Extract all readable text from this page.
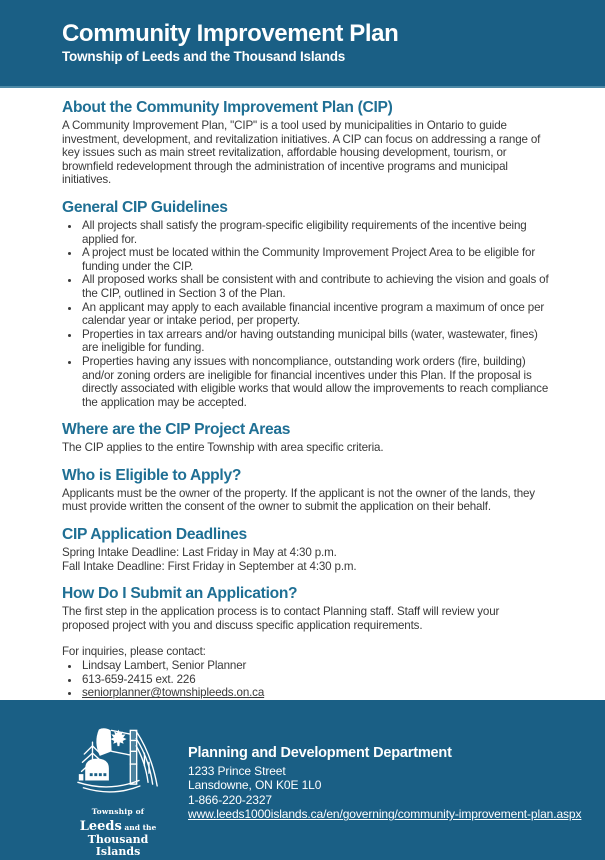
Community Improvement Plan
Township of Leeds and the Thousand Islands
About the Community Improvement Plan (CIP)

A Community Improvement Plan, "CIP" is a tool used by municipalities in Ontario to guide investment, development, and revitalization initiatives. A CIP can focus on addressing a range of key issues such as main street revitalization, affordable housing development, tourism, or brownfield redevelopment through the administration of incentive programs and municipal initiatives.

General CIP Guidelines
• All projects shall satisfy the program-specific eligibility requirements of the incentive being applied for.
• A project must be located within the Community Improvement Project Area to be eligible for funding under the CIP.
• All proposed works shall be consistent with and contribute to achieving the vision and goals of the CIP, outlined in Section 3 of the Plan.
• An applicant may apply to each available financial incentive program a maximum of once per calendar year or intake period, per property.
• Properties in tax arrears and/or having outstanding municipal bills (water, wastewater, fines) are ineligible for funding.
• Properties having any issues with noncompliance, outstanding work orders (fire, building) and/or zoning orders are ineligible for financial incentives under this Plan. If the proposal is directly associated with eligible works that would allow the improvements to reach compliance the application may be accepted.
Where are the CIP Project Areas

The CIP applies to the entire Township with area specific criteria.

Who is Eligible to Apply?

Applicants must be the owner of the property. If the applicant is not the owner of the lands, they must provide written the consent of the owner to submit the application on their behalf.

CIP Application Deadlines

Spring Intake Deadline: Last Friday in May at 4:30 p.m.

Fall Intake Deadline: First Friday in September at 4:30 p.m.

How Do I Submit an Application?

The first step in the application process is to contact Planning staff. Staff will review your proposed project with you and discuss specific application requirements.

For inquiries, please contact:

• Lindsay Lambert, Senior Planner
• 613-659-2415 ext. 226
• seniorplanner@townshipleeds.on.ca
Township of
Leeds and the
Thousand Islands
Planning and Development Department
1233 Prince Street
Lansdowne, ON K0E 1L0
1-866-220-2327
www.leeds1000islands.ca/en/governing/community-improvement-plan.aspx
